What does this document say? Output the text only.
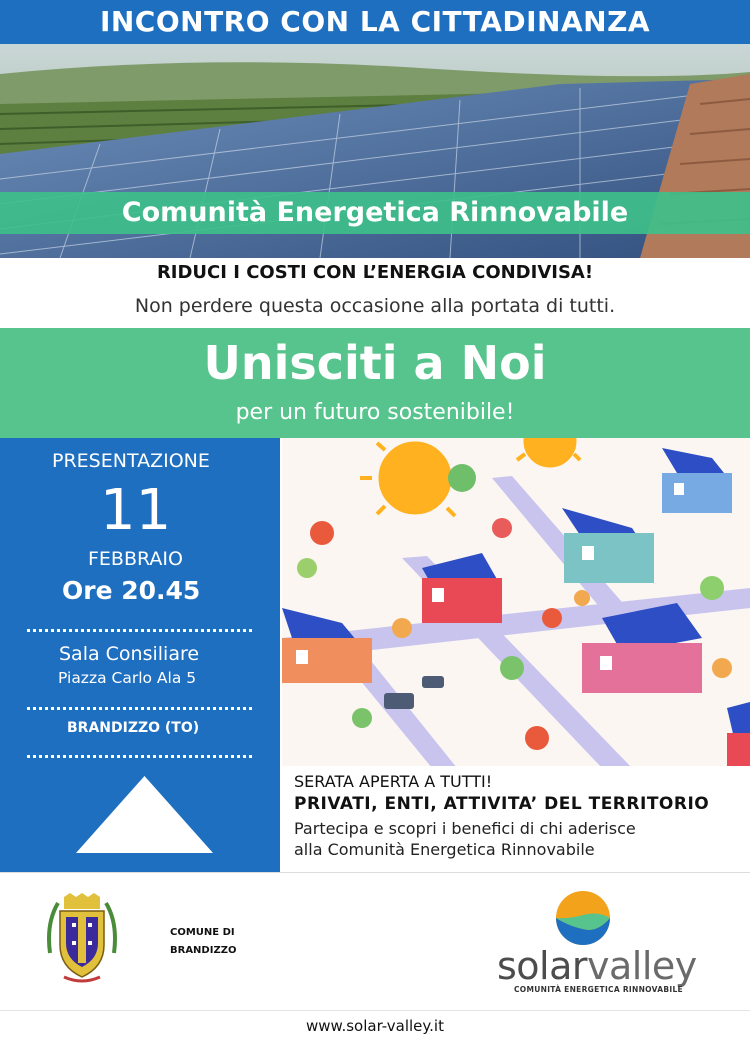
INCONTRO CON LA CITTADINANZA
Comunità Energetica Rinnovabile
RIDUCI I COSTI CON L’ENERGIA CONDIVISA!
Non perdere questa occasione alla portata di tutti.
Unisciti a Noi
per un futuro sostenibile!
PRESENTAZIONE
11
FEBBRAIO
Ore 20.45
Sala Consiliare
Piazza Carlo Ala 5
BRANDIZZO (TO)
SERATA APERTA A TUTTI!
PRIVATI, ENTI, ATTIVITA’ DEL TERRITORIO
Partecipa e scopri i benefici di chi aderisce
alla Comunità Energetica Rinnovabile
COMUNE DI
BRANDIZZO	solarvalley
COMUNITÀ ENERGETICA RINNOVABILE
www.solar-valley.it
